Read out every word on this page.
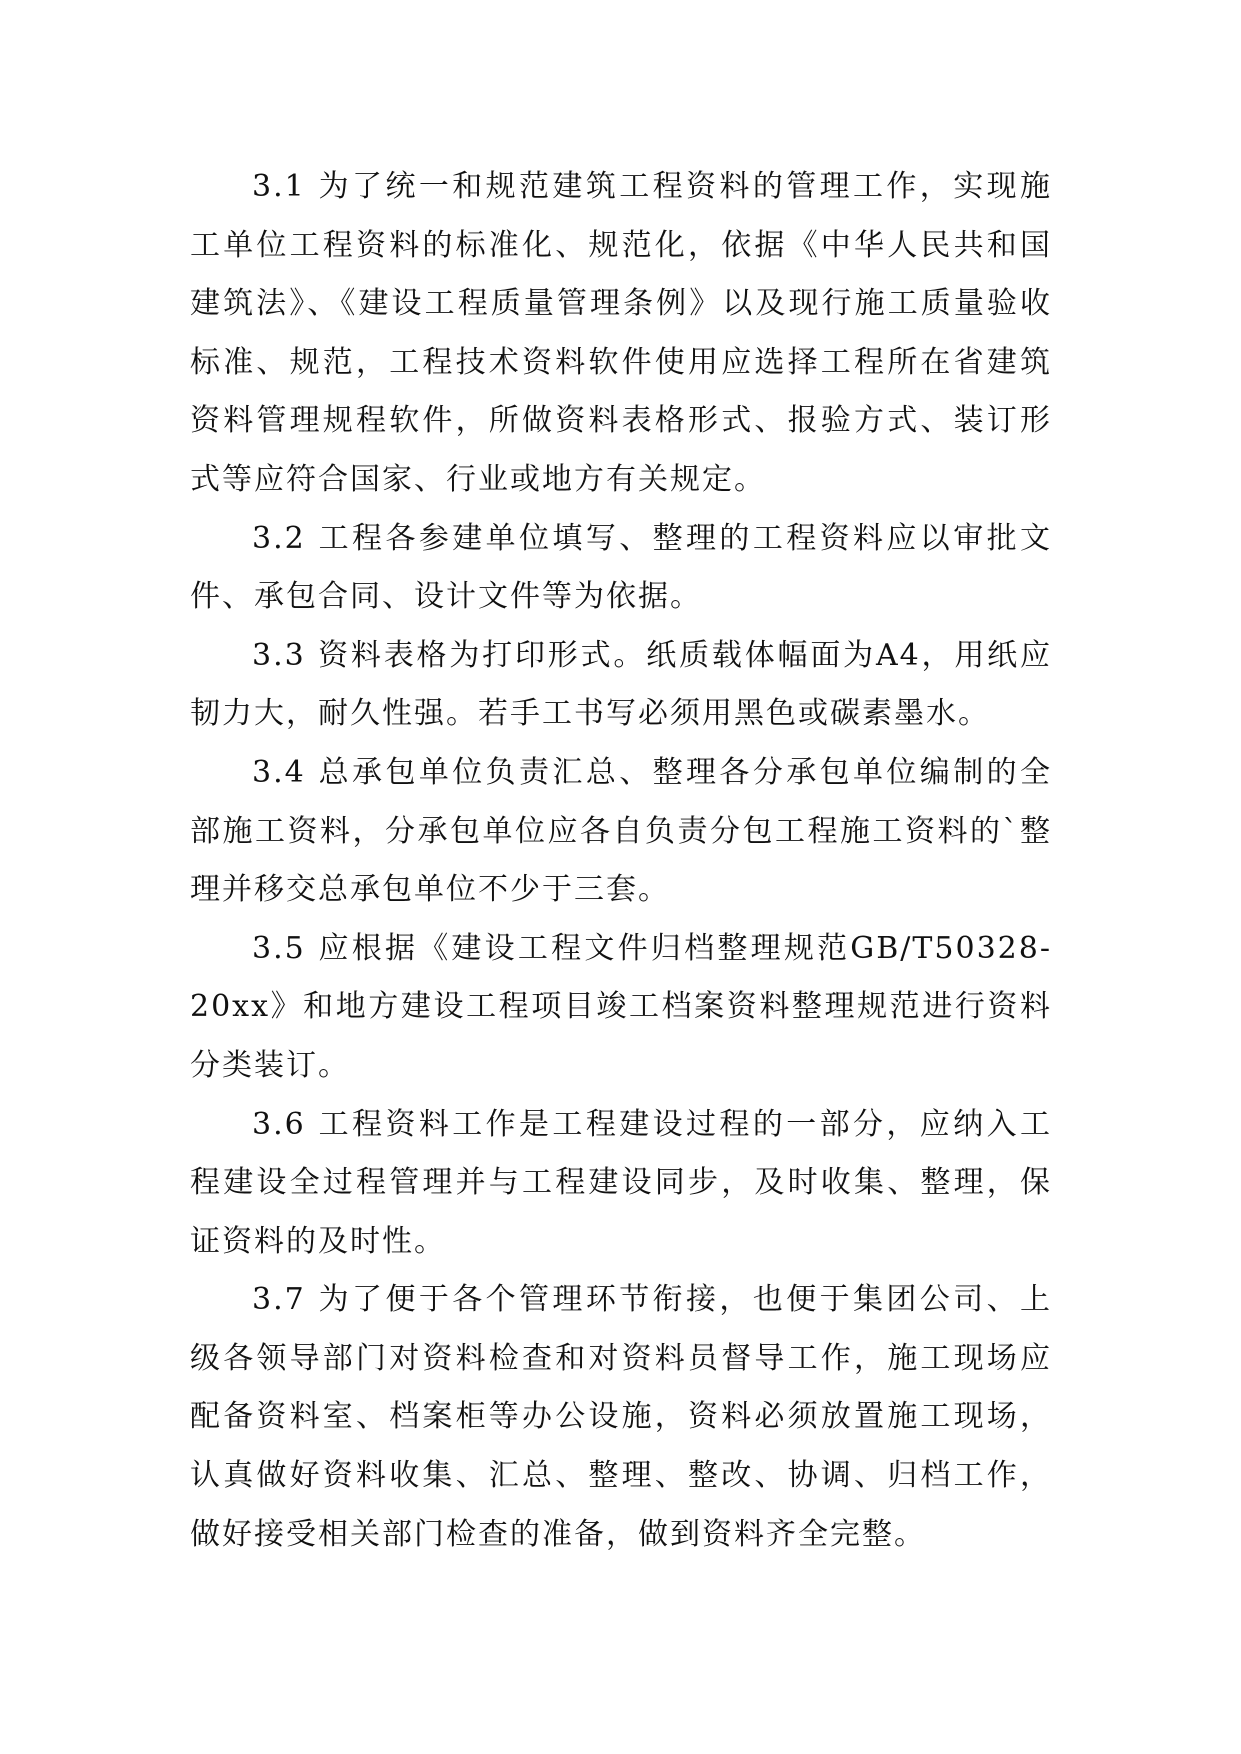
3.1 为了统一和规范建筑工程资料的管理工作，实现施工单位工程资料的标准化、规范化，依据《中华人民共和国建筑法》、《建设工程质量管理条例》以及现行施工质量验收标准、规范，工程技术资料软件使用应选择工程所在省建筑资料管理规程软件，所做资料表格形式、报验方式、装订形式等应符合国家、行业或地方有关规定。

3.2 工程各参建单位填写、整理的工程资料应以审批文件、承包合同、设计文件等为依据。

3.3 资料表格为打印形式。纸质载体幅面为A4，用纸应韧力大，耐久性强。若手工书写必须用黑色或碳素墨水。

3.4 总承包单位负责汇总、整理各分承包单位编制的全部施工资料，分承包单位应各自负责分包工程施工资料的`整理并移交总承包单位不少于三套。

3.5 应根据《建设工程文件归档整理规范GB/T50328-20xx》和地方建设工程项目竣工档案资料整理规范进行资料分类装订。

3.6 工程资料工作是工程建设过程的一部分，应纳入工程建设全过程管理并与工程建设同步，及时收集、整理，保证资料的及时性。

3.7 为了便于各个管理环节衔接，也便于集团公司、上级各领导部门对资料检查和对资料员督导工作，施工现场应配备资料室、档案柜等办公设施，资料必须放置施工现场，认真做好资料收集、汇总、整理、整改、协调、归档工作，做好接受相关部门检查的准备，做到资料齐全完整。
